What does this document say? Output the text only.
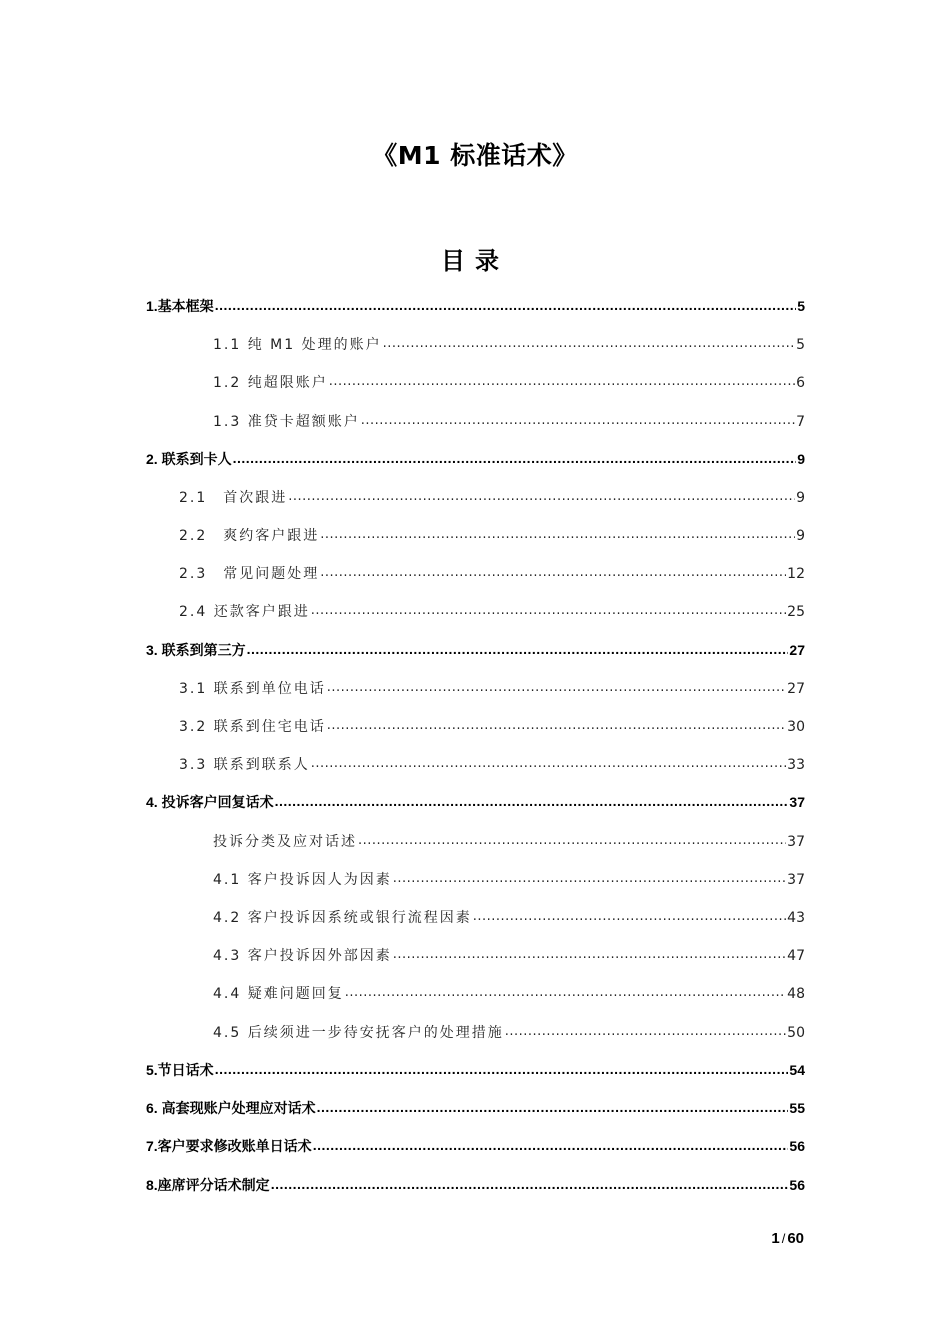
《M1 标准话术》
目录
1.基本框架 .....	5
1.1 纯 M1 处理的账户 .....	5
1.2 纯超限账户 .....	6
1.3 准贷卡超额账户 .....	7
2. 联系到卡人 .....	9
2.1　首次跟进 .....	9
2.2　爽约客户跟进 .....	9
2.3　常见问题处理 .....	12
2.4 还款客户跟进 .....	25
3. 联系到第三方 .....	27
3.1 联系到单位电话 .....	27
3.2 联系到住宅电话 .....	30
3.3 联系到联系人 .....	33
4. 投诉客户回复话术 .....	37
投诉分类及应对话述 .....	37
4.1 客户投诉因人为因素 .....	37
4.2 客户投诉因系统或银行流程因素 .....	43
4.3 客户投诉因外部因素 .....	47
4.4 疑难问题回复 .....	48
4.5 后续须进一步待安抚客户的处理措施 .....	50
5.节日话术 .....	54
6. 高套现账户处理应对话术 .....	55
7.客户要求修改账单日话术 .....	56
8.座席评分话术制定 .....	56
1 / 60
